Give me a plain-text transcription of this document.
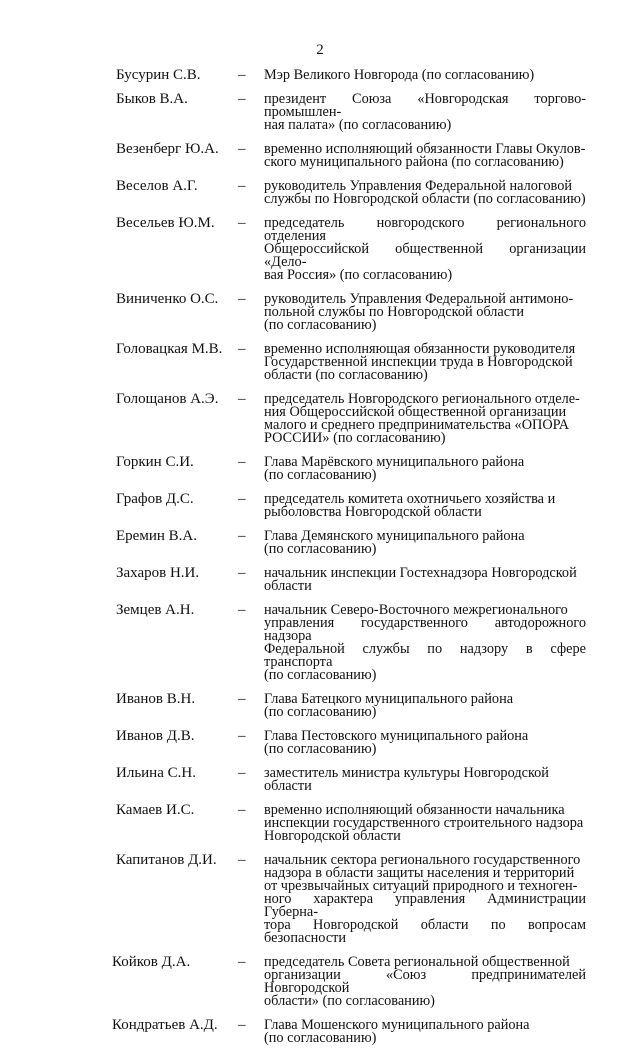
2
Бусурин С.В.	–	Мэр Великого Новгорода (по согласованию)
Быков В.А.	–	президент Союза «Новгородская торгово-промышлен-
ная палата» (по согласованию)
Везенберг Ю.А.	–	временно исполняющий обязанности Главы Окулов-
ского муниципального района (по согласованию)
Веселов А.Г.	–	руководитель Управления Федеральной налоговой
службы по Новгородской области (по согласованию)
Весельев Ю.М.	–	председатель новгородского регионального отделения
Общероссийской общественной организации «Дело-
вая Россия» (по согласованию)
Виниченко О.С.	–	руководитель Управления Федеральной антимоно-
польной службы по Новгородской области
(по согласованию)
Головацкая М.В.	–	временно исполняющая обязанности руководителя
Государственной инспекции труда в Новгородской
области (по согласованию)
Голощанов А.Э.	–	председатель Новгородского регионального отделе-
ния Общероссийской общественной организации
малого и среднего предпринимательства «ОПОРА
РОССИИ» (по согласованию)
Горкин С.И.	–	Глава Марёвского муниципального района
(по согласованию)
Графов Д.С.	–	председатель комитета охотничьего хозяйства и
рыболовства Новгородской области
Еремин В.А.	–	Глава Демянского муниципального района
(по согласованию)
Захаров Н.И.	–	начальник инспекции Гостехнадзора Новгородской
области
Земцев А.Н.	–	начальник Северо-Восточного межрегионального
управления государственного автодорожного надзора
Федеральной службы по надзору в сфере транспорта
(по согласованию)
Иванов В.Н.	–	Глава Батецкого муниципального района
(по согласованию)
Иванов Д.В.	–	Глава Пестовского муниципального района
(по согласованию)
Ильина С.Н.	–	заместитель министра культуры Новгородской
области
Камаев И.С.	–	временно исполняющий обязанности начальника
инспекции государственного строительного надзора
Новгородской области
Капитанов Д.И.	–	начальник сектора регионального государственного
надзора в области защиты населения и территорий
от чрезвычайных ситуаций природного и техноген-
ного характера управления Администрации Губерна-
тора Новгородской области по вопросам безопасности
Койков Д.А.	–	председатель Совета региональной общественной
организации «Союз предпринимателей Новгородской
области» (по согласованию)
Кондратьев А.Д.	–	Глава Мошенского муниципального района
(по согласованию)
